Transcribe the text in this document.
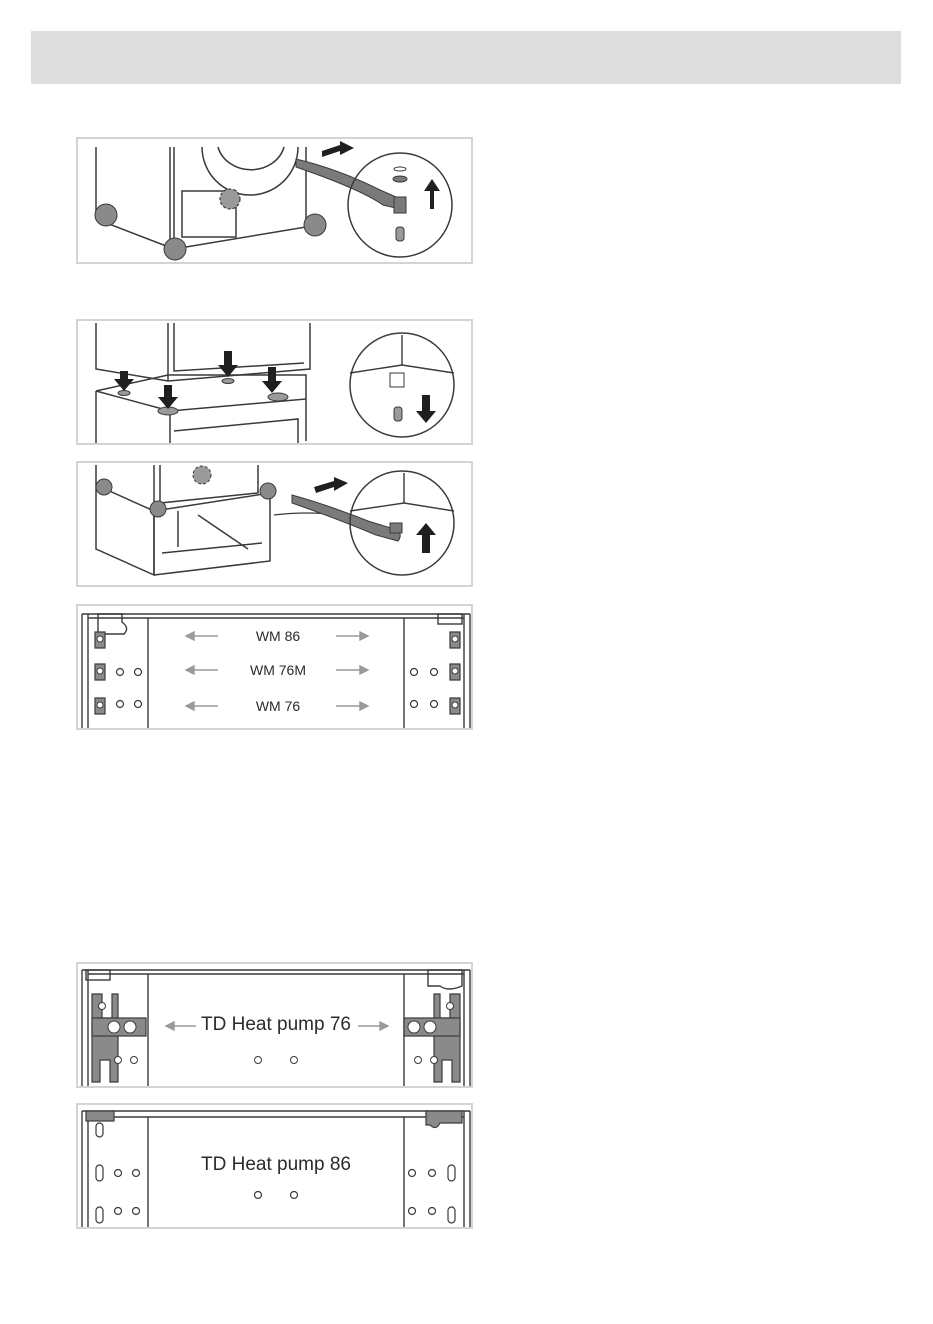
WM 86
WM 76M
WM 76
TD Heat pump 76
TD Heat pump 86
